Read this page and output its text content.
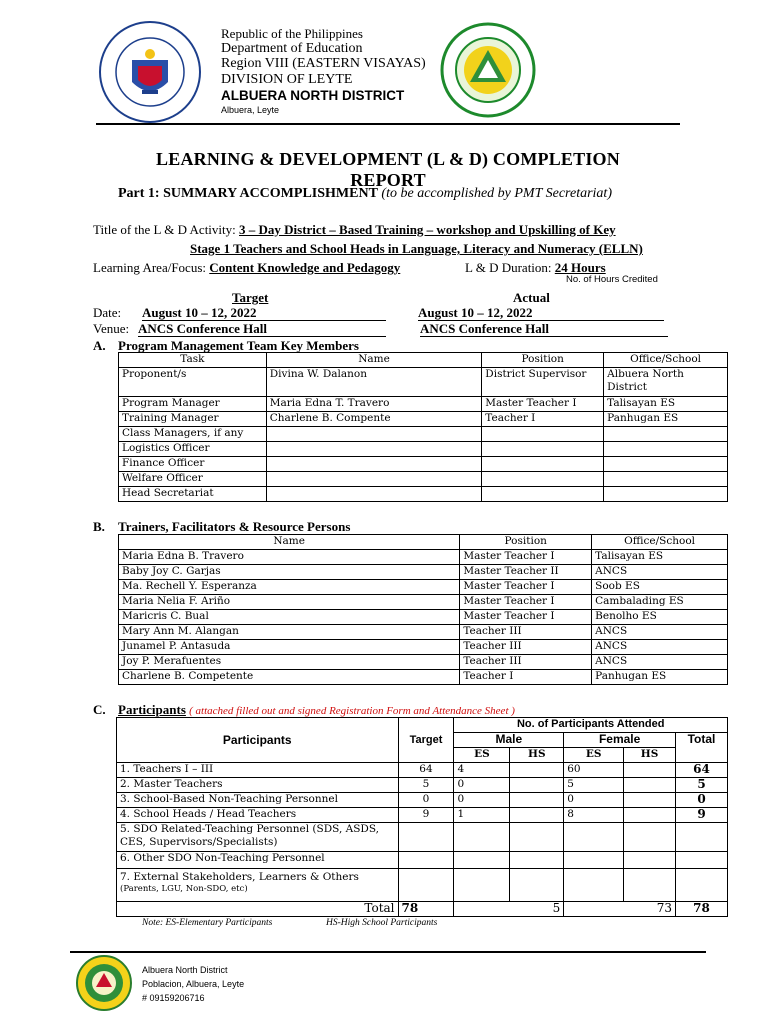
Republic of the Philippines
Department of Education
Region VIII (EASTERN VISAYAS)
DIVISION OF LEYTE
ALBUERA NORTH DISTRICT
Albuera, Leyte
LEARNING & DEVELOPMENT (L & D) COMPLETION REPORT
Part 1: SUMMARY ACCOMPLISHMENT (to be accomplished by PMT Secretariat)
Title of the L & D Activity: 3 – Day District – Based Training – workshop and Upskilling of Key
Stage 1 Teachers and School Heads in Language, Literacy and Numeracy (ELLN)
Learning Area/Focus: Content Knowledge and Pedagogy	L & D Duration: 24 Hours
No. of Hours Credited
Target	Actual
Date: August 10 – 12, 2022	August 10 – 12, 2022
Venue: ANCS Conference Hall	ANCS Conference Hall
A. Program Management Team Key Members
Task	Name	Position	Office/School
Proponent/s	Divina W. Dalanon	District Supervisor	Albuera North District
Program Manager	Maria Edna T. Travero	Master Teacher I	Talisayan ES
Training Manager	Charlene B. Compente	Teacher I	Panhugan ES
Class Managers, if any			
Logistics Officer			
Finance Officer			
Welfare Officer			
Head Secretariat			
B. Trainers, Facilitators & Resource Persons
Name	Position	Office/School
Maria Edna B. Travero	Master Teacher I	Talisayan ES
Baby Joy C. Garjas	Master Teacher II	ANCS
Ma. Rechell Y. Esperanza	Master Teacher I	Soob ES
Maria Nelia F. Ariño	Master Teacher I	Cambalading ES
Maricris C. Bual	Master Teacher I	Benolho ES
Mary Ann M. Alangan	Teacher III	ANCS
Junamel P. Antasuda	Teacher III	ANCS
Joy P. Merafuentes	Teacher III	ANCS
Charlene B. Competente	Teacher I	Panhugan ES
C. Participants ( attached filled out and signed Registration Form and Attendance Sheet )
Participants	Target	No. of Participants Attended				
		Male		Female		Total
		ES	HS	ES	HS	
1. Teachers I – III	64	4		60		64
2. Master Teachers	5	0		5		5
3. School-Based Non-Teaching Personnel	0	0		0		0
4. School Heads / Head Teachers	9	1		8		9
5. SDO Related-Teaching Personnel (SDS, ASDS, CES, Supervisors/Specialists)						
6. Other SDO Non-Teaching Personnel						

7. External Stakeholders, Learners & Others
(Parents, LGU, Non-SDO, etc)						

Total	78	5		73		78
Note: ES-Elementary Participants	HS-High School Participants
Albuera North District
Poblacion, Albuera, Leyte
# 09159206716
